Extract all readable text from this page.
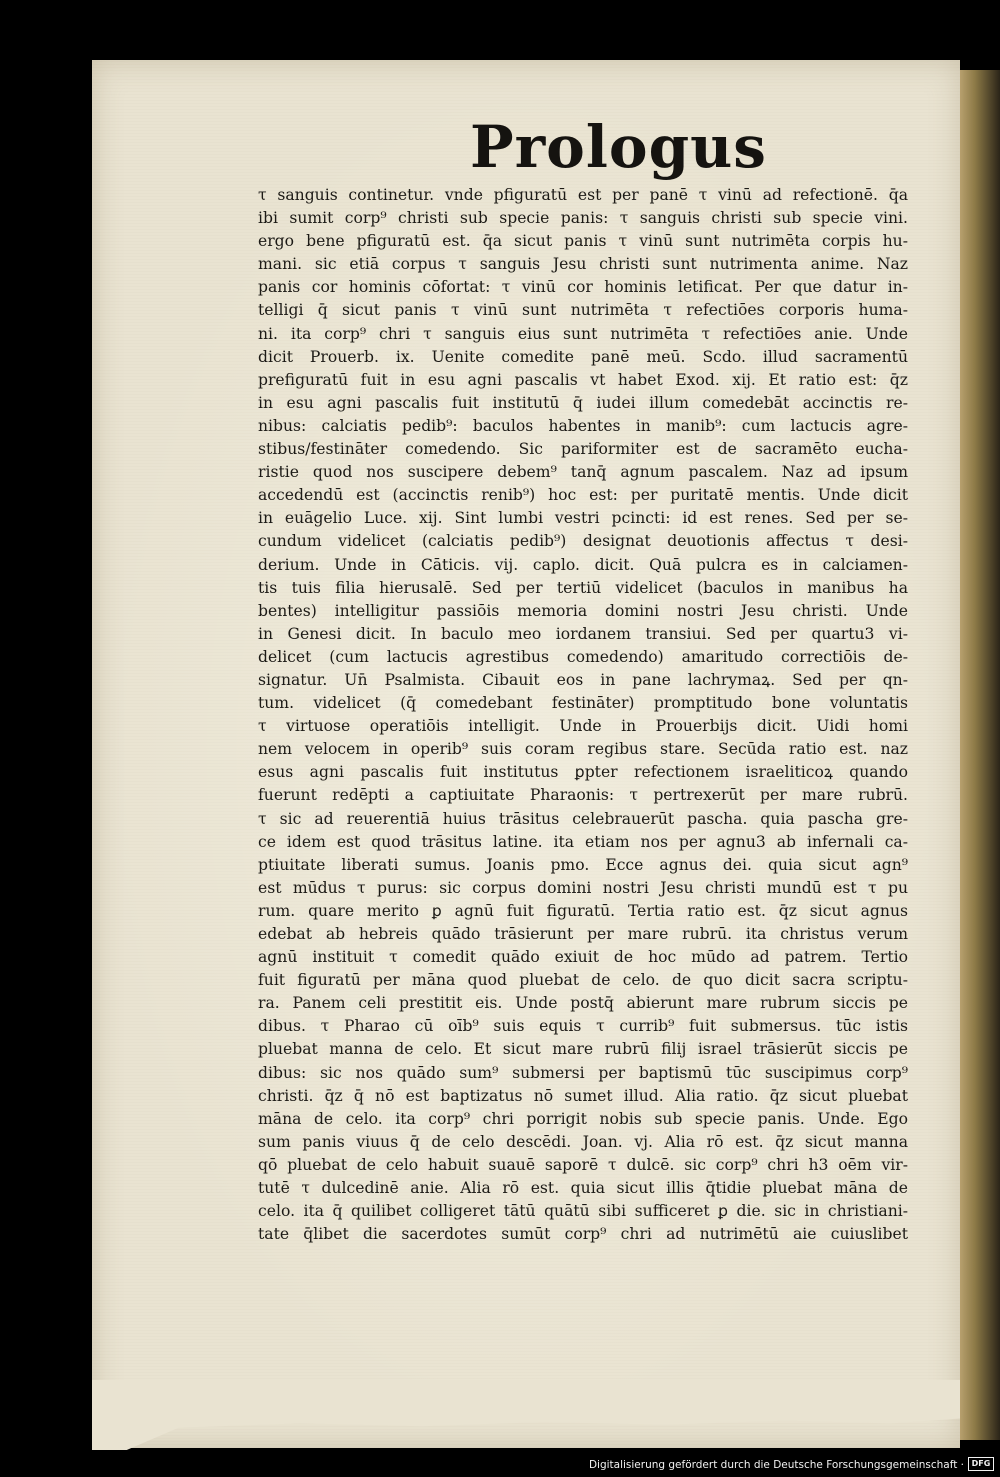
Prologus
τ sanguis continetur. vnde pfiguratū est per panē τ vinū ad refectionē. q̄a
ibi sumit corp⁹ christi sub specie panis: τ sanguis christi sub specie vini.
ergo bene pfiguratū est. q̄a sicut panis τ vinū sunt nutrimēta corpis hu-
mani. sic etiā corpus τ sanguis Jesu christi sunt nutrimenta anime. Naz
panis cor hominis cōfortat: τ vinū cor hominis letificat. Per que datur in-
telligi q̄ sicut panis τ vinū sunt nutrimēta τ refectiōes corporis huma-
ni. ita corp⁹ chri τ sanguis eius sunt nutrimēta τ refectiōes anie. Unde
dicit Prouerb. ix. Uenite comedite panē meū. Scdo. illud sacramentū
prefiguratū fuit in esu agni pascalis vt habet Exod. xij. Et ratio est: q̄z
in esu agni pascalis fuit institutū q̄ iudei illum comedebāt accinctis re-
nibus: calciatis pedib⁹: baculos habentes in manib⁹: cum lactucis agre-
stibus/festināter comedendo. Sic pariformiter est de sacramēto eucha-
ristie quod nos suscipere debem⁹ tanq̄ agnum pascalem. Naz ad ipsum
accedendū est (accinctis renib⁹) hoc est: per puritatē mentis. Unde dicit
in euāgelio Luce. xij. Sint lumbi vestri pcincti: id est renes. Sed per se-
cundum videlicet (calciatis pedib⁹) designat deuotionis affectus τ desi-
derium. Unde in Cāticis. vij. caplo. dicit. Quā pulcra es in calciamen-
tis tuis filia hierusalē. Sed per tertiū videlicet (baculos in manibus ha
bentes) intelligitur passiōis memoria domini nostri Jesu christi. Unde
in Genesi dicit. In baculo meo iordanem transiui. Sed per quartu3 vi-
delicet (cum lactucis agrestibus comedendo) amaritudo correctiōis de-
signatur. Un̄ Psalmista. Cibauit eos in pane lachrymaꝝ. Sed per qn-
tum. videlicet (q̄ comedebant festināter) promptitudo bone voluntatis
τ virtuose operatiōis intelligit. Unde in Prouerbijs dicit. Uidi homi
nem velocem in operib⁹ suis coram regibus stare. Secūda ratio est. naz
esus agni pascalis fuit institutus ꝑpter refectionem israeliticoꝝ quando
fuerunt redēpti a captiuitate Pharaonis: τ pertrexerūt per mare rubrū.
τ sic ad reuerentiā huius trāsitus celebrauerūt pascha. quia pascha gre-
ce idem est quod trāsitus latine. ita etiam nos per agnu3 ab infernali ca-
ptiuitate liberati sumus. Joanis pmo. Ecce agnus dei. quia sicut agn⁹
est mūdus τ purus: sic corpus domini nostri Jesu christi mundū est τ pu
rum. quare merito ꝑ agnū fuit figuratū. Tertia ratio est. q̄z sicut agnus
edebat ab hebreis quādo trāsierunt per mare rubrū. ita christus verum
agnū instituit τ comedit quādo exiuit de hoc mūdo ad patrem. Tertio
fuit figuratū per māna quod pluebat de celo. de quo dicit sacra scriptu-
ra. Panem celi prestitit eis. Unde postq̄ abierunt mare rubrum siccis pe
dibus. τ Pharao cū oīb⁹ suis equis τ currib⁹ fuit submersus. tūc istis
pluebat manna de celo. Et sicut mare rubrū filij israel trāsierūt siccis pe
dibus: sic nos quādo sum⁹ submersi per baptismū tūc suscipimus corp⁹
christi. q̄z q̄ nō est baptizatus nō sumet illud. Alia ratio. q̄z sicut pluebat
māna de celo. ita corp⁹ chri porrigit nobis sub specie panis. Unde. Ego
sum panis viuus q̄ de celo descēdi. Joan. vj. Alia rō est. q̄z sicut manna
qō pluebat de celo habuit suauē saporē τ dulcē. sic corp⁹ chri h3 oēm vir-
tutē τ dulcedinē anie. Alia rō est. quia sicut illis q̄tidie pluebat māna de
celo. ita q̄ quilibet colligeret tātū quātū sibi sufficeret ꝑ die. sic in christiani-
tate q̄libet die sacerdotes sumūt corp⁹ chri ad nutrimētū aie cuiuslibet
Digitalisierung gefördert durch die Deutsche Forschungsgemeinschaft · DFG
